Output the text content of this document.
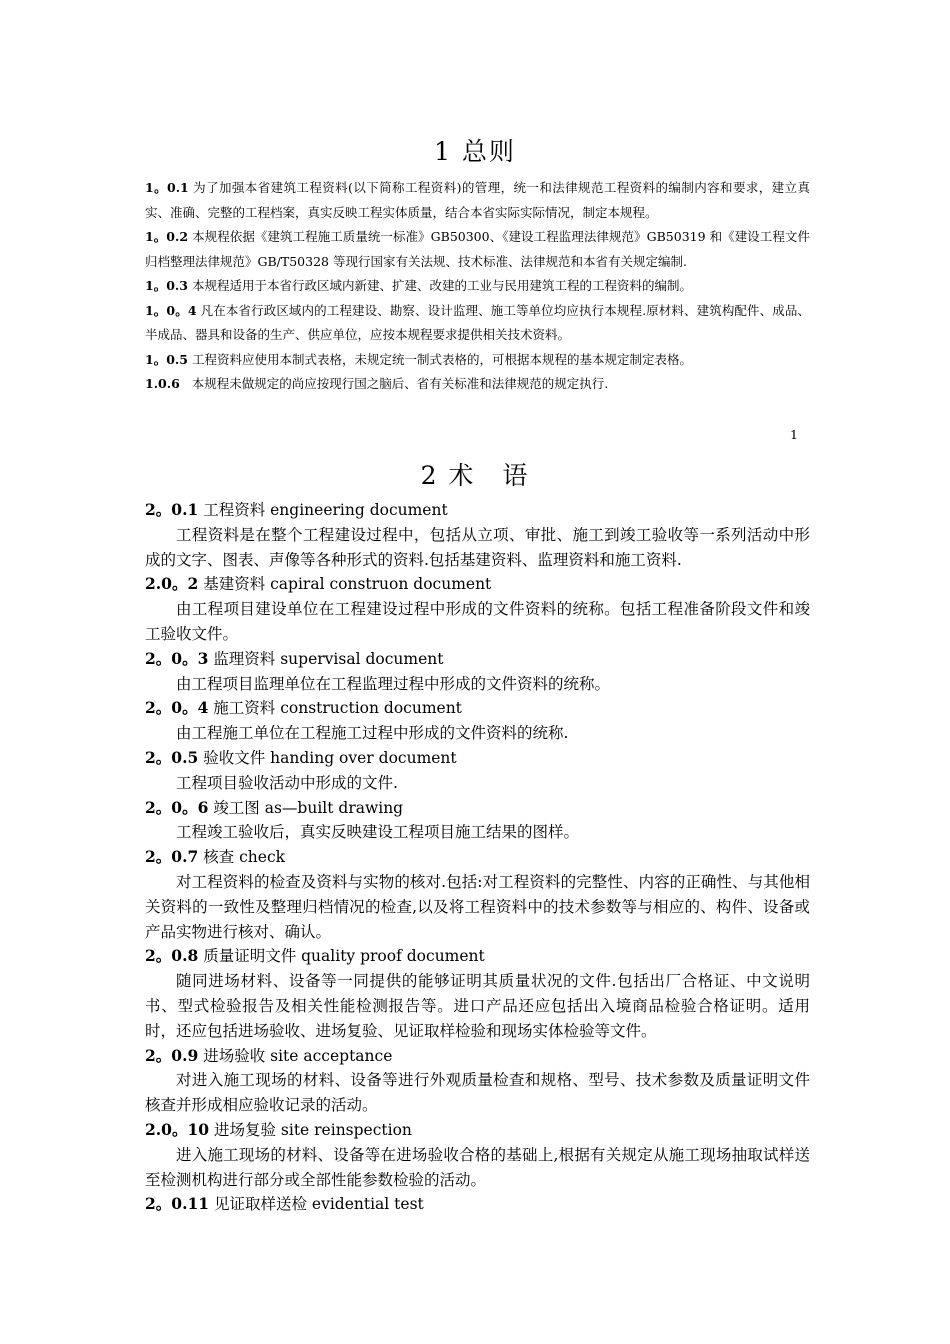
1 总则

1。0.1 为了加强本省建筑工程资料(以下简称工程资料)的管理，统一和法律规范工程资料的编制内容和要求，建立真实、准确、完整的工程档案，真实反映工程实体质量，结合本省实际实际情况，制定本规程。

1。0.2 本规程依据《建筑工程施工质量统一标准》GB50300、《建设工程监理法律规范》GB50319 和《建设工程文件归档整理法律规范》GB/T50328 等现行国家有关法规、技术标准、法律规范和本省有关规定编制.

1。0.3 本规程适用于本省行政区域内新建、扩建、改建的工业与民用建筑工程的工程资料的编制。

1。0。4 凡在本省行政区域内的工程建设、勘察、设计监理、施工等单位均应执行本规程.原材料、建筑构配件、成品、半成品、器具和设备的生产、供应单位，应按本规程要求提供相关技术资料。

1。0.5 工程资料应使用本制式表格，未规定统一制式表格的，可根据本规程的基本规定制定表格。

1.0.6 本规程未做规定的尚应按现行国之脑后、省有关标准和法律规范的规定执行.

1
2 术　语

2。0.1 工程资料 engineering document

工程资料是在整个工程建设过程中，包括从立项、审批、施工到竣工验收等一系列活动中形成的文字、图表、声像等各种形式的资料.包括基建资料、监理资料和施工资料.

2.0。2 基建资料 capiral construon document

由工程项目建设单位在工程建设过程中形成的文件资料的统称。包括工程准备阶段文件和竣工验收文件。

2。0。3 监理资料 supervisal document

由工程项目监理单位在工程监理过程中形成的文件资料的统称。

2。0。4 施工资料 construction document

由工程施工单位在工程施工过程中形成的文件资料的统称.

2。0.5 验收文件 handing over document

工程项目验收活动中形成的文件.

2。0。6 竣工图 as—built drawing

工程竣工验收后，真实反映建设工程项目施工结果的图样。

2。0.7 核查 check

对工程资料的检查及资料与实物的核对.包括:对工程资料的完整性、内容的正确性、与其他相关资料的一致性及整理归档情况的检查,以及将工程资料中的技术参数等与相应的、构件、设备或产品实物进行核对、确认。

2。0.8 质量证明文件 quality proof document

随同进场材料、设备等一同提供的能够证明其质量状况的文件.包括出厂合格证、中文说明书、型式检验报告及相关性能检测报告等。进口产品还应包括出入境商品检验合格证明。适用时，还应包括进场验收、进场复验、见证取样检验和现场实体检验等文件。

2。0.9 进场验收 site acceptance

对进入施工现场的材料、设备等进行外观质量检查和规格、型号、技术参数及质量证明文件核查并形成相应验收记录的活动。

2.0。10 进场复验 site reinspection

进入施工现场的材料、设备等在进场验收合格的基础上,根据有关规定从施工现场抽取试样送至检测机构进行部分或全部性能参数检验的活动。

2。0.11 见证取样送检 evidential test
